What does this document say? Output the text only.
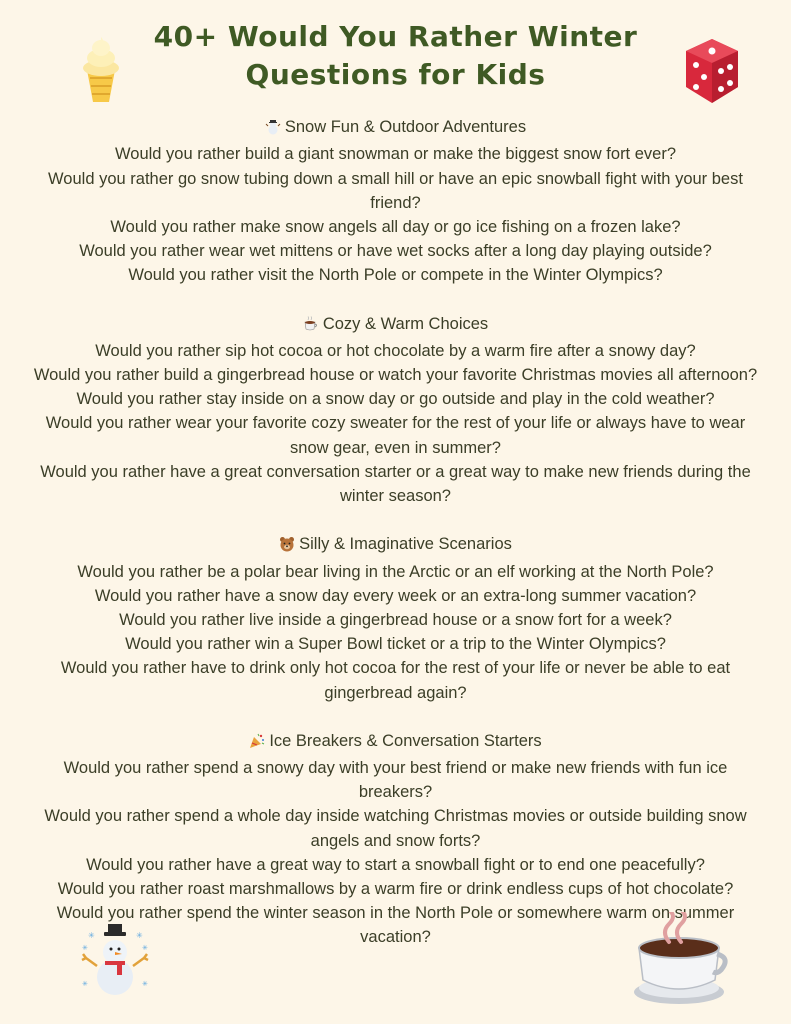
40+ Would You Rather Winter
Questions for Kids
Snow Fun & Outdoor Adventures
Would you rather build a giant snowman or make the biggest snow fort ever?
Would you rather go snow tubing down a small hill or have an epic snowball fight with your best friend?
Would you rather make snow angels all day or go ice fishing on a frozen lake?
Would you rather wear wet mittens or have wet socks after a long day playing outside?
Would you rather visit the North Pole or compete in the Winter Olympics?
Cozy & Warm Choices
Would you rather sip hot cocoa or hot chocolate by a warm fire after a snowy day?
Would you rather build a gingerbread house or watch your favorite Christmas movies all afternoon?
Would you rather stay inside on a snow day or go outside and play in the cold weather?
Would you rather wear your favorite cozy sweater for the rest of your life or always have to wear snow gear, even in summer?
Would you rather have a great conversation starter or a great way to make new friends during the winter season?
Silly & Imaginative Scenarios
Would you rather be a polar bear living in the Arctic or an elf working at the North Pole?
Would you rather have a snow day every week or an extra-long summer vacation?
Would you rather live inside a gingerbread house or a snow fort for a week?
Would you rather win a Super Bowl ticket or a trip to the Winter Olympics?
Would you rather have to drink only hot cocoa for the rest of your life or never be able to eat gingerbread again?
Ice Breakers & Conversation Starters
Would you rather spend a snowy day with your best friend or make new friends with fun ice breakers?
Would you rather spend a whole day inside watching Christmas movies or outside building snow angels and snow forts?
Would you rather have a great way to start a snowball fight or to end one peacefully?
Would you rather roast marshmallows by a warm fire or drink endless cups of hot chocolate?
Would you rather spend the winter season in the North Pole or somewhere warm on summer vacation?
✳	✳
✳	✳
✳	✳
